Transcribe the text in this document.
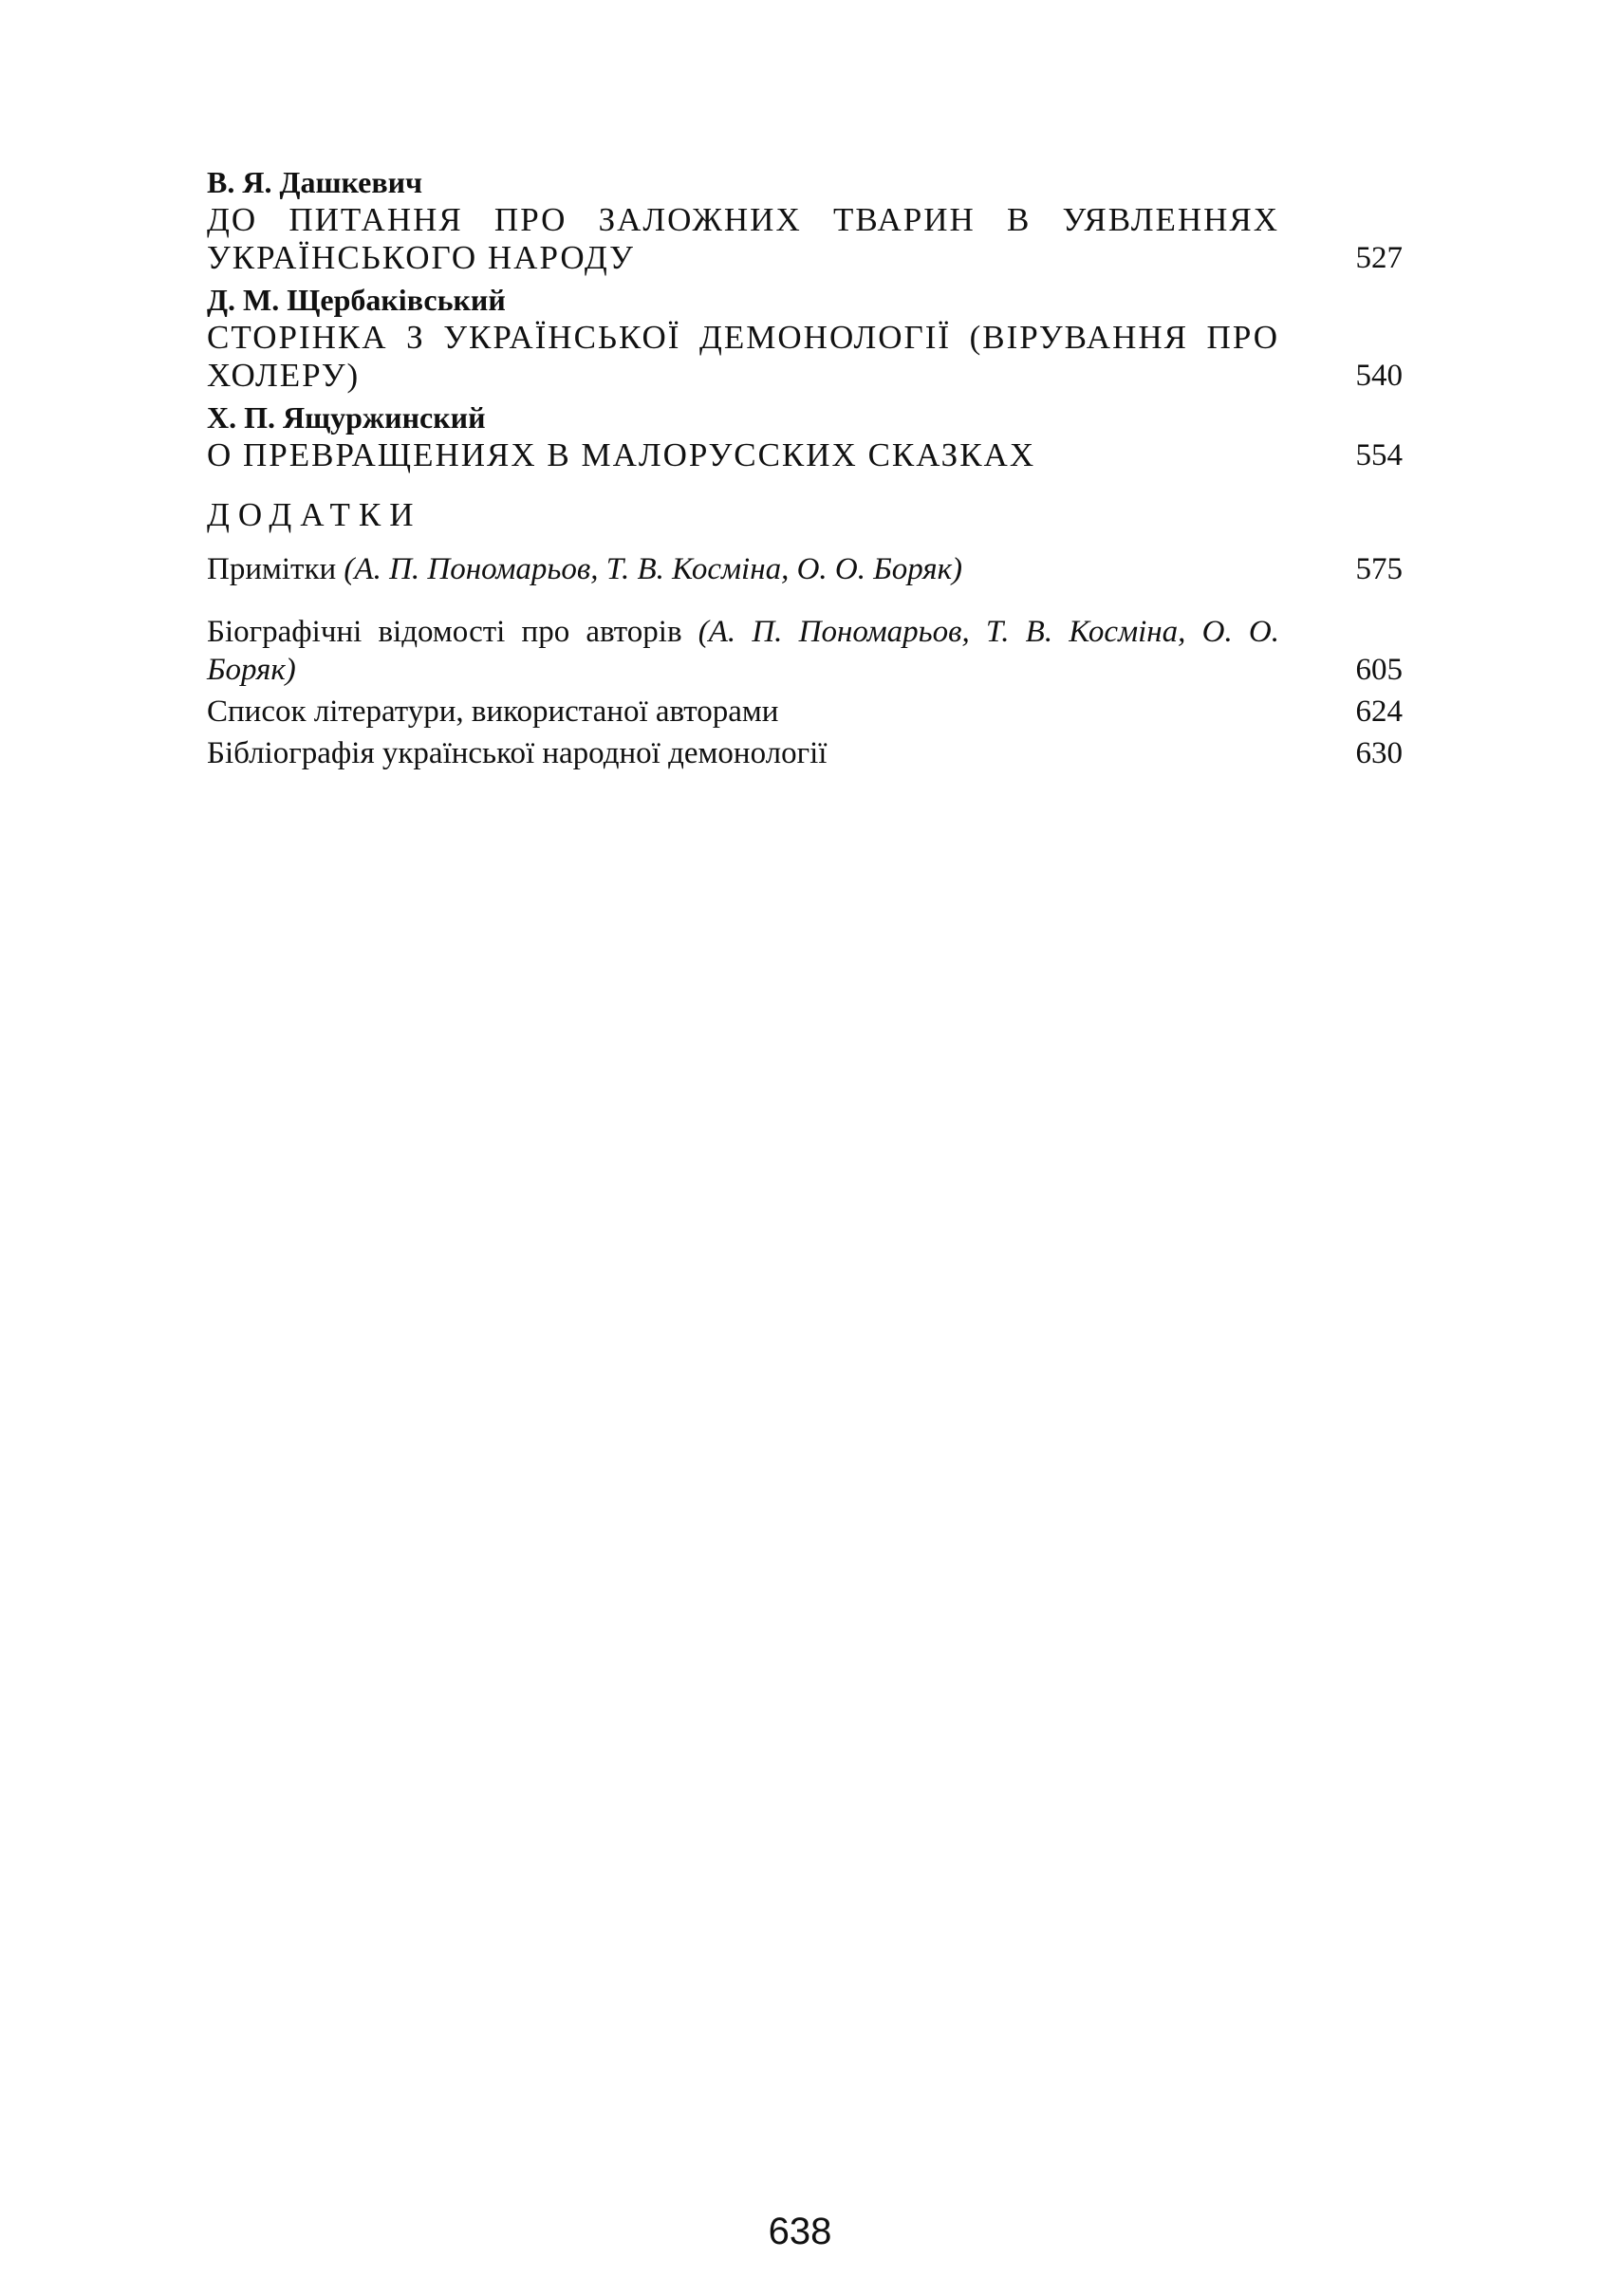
В. Я. Дашкевич

ДО ПИТАННЯ ПРО ЗАЛОЖНИХ ТВАРИН В УЯВЛЕННЯХ УКРАЇНСЬКОГО НАРОДУ	527

Д. М. Щербаківський

СТОРІНКА З УКРАЇНСЬКОЇ ДЕМОНОЛОГІЇ (ВІРУВАННЯ ПРО ХОЛЕРУ)	540

Х. П. Ящуржинский

О ПРЕВРАЩЕНИЯХ В МАЛОРУССКИХ СКАЗКАХ	554
ДОДАТКИ
Примітки (А. П. Пономарьов, Т. В. Косміна, О. О. Боряк)	575
Біографічні відомості про авторів (А. П. Пономарьов, Т. В. Косміна, О. О. Боряк)	605
Список літератури, використаної авторами	624
Бібліографія української народної демонології	630
638
